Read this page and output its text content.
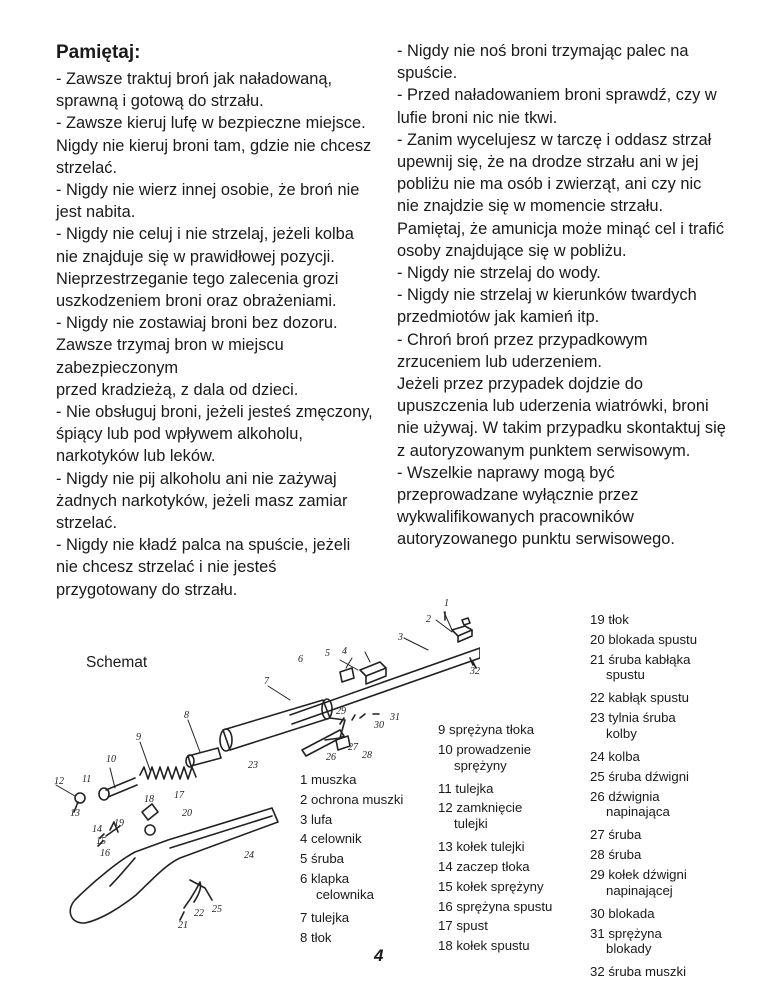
Pamiętaj:

- Zawsze traktuj broń jak naładowaną, sprawną i gotową do strzału.

- Zawsze kieruj lufę w bezpieczne miejsce. Nigdy nie kieruj broni tam, gdzie nie chcesz strzelać.

- Nigdy nie wierz innej osobie, że broń nie jest nabita.

- Nigdy nie celuj i nie strzelaj, jeżeli kolba nie znajduje się w prawidłowej pozycji. Nieprzestrzeganie tego zalecenia grozi uszkodzeniem broni oraz obrażeniami.

- Nigdy nie zostawiaj broni bez dozoru. Zawsze trzymaj bron w miejscu zabezpieczonym

przed kradzieżą, z dala od dzieci.

- Nie obsługuj broni, jeżeli jesteś zmęczony, śpiący lub pod wpływem alkoholu, narkotyków lub leków.

- Nigdy nie pij alkoholu ani nie zażywaj żadnych narkotyków, jeżeli masz zamiar strzelać.

- Nigdy nie kładź palca na spuście, jeżeli nie chcesz strzelać i nie jesteś przygotowany do strzału.

- Nigdy nie noś broni trzymając palec na spuście.

- Przed naładowaniem broni sprawdź, czy w lufie broni nic nie tkwi.

- Zanim wycelujesz w tarczę i oddasz strzał upewnij się, że na drodze strzału ani w jej pobliżu nie ma osób i zwierząt, ani czy nic nie znajdzie się w momencie strzału. Pamiętaj, że amunicja może minąć cel i trafić osoby znajdujące się w pobliżu.

- Nigdy nie strzelaj do wody.

- Nigdy nie strzelaj w kierunków twardych przedmiotów jak kamień itp.

- Chroń broń przez przypadkowym zrzuceniem lub uderzeniem.

Jeżeli przez przypadek dojdzie do upuszczenia lub uderzenia wiatrówki, broni nie używaj. W takim przypadku skontaktuj się z autoryzowanym punktem serwisowym.

- Wszelkie naprawy mogą być przeprowadzane wyłącznie przez wykwalifikowanych pracowników autoryzowanego punktu serwisowego.

Schemat
1
2
3
4
5
6
7
8
9
10
11
12
13
14
15
16
17
18
19
20
21
22
23
24
25
26
27
28
29
30
31
32
1 muszka
2 ochrona muszki
3 lufa
4 celownik
5 śruba
6 klapka
celownika
7 tulejka
8 tłok
9 sprężyna tłoka
10 prowadzenie
sprężyny
11 tulejka
12 zamknięcie
tulejki
13 kołek tulejki
14 zaczep tłoka
15 kołek sprężyny
16 sprężyna spustu
17 spust
18 kołek spustu
19 tłok
20 blokada spustu
21 śruba kabłąka
spustu
22 kabłąk spustu
23 tylnia śruba
kolby
24 kolba
25 śruba dźwigni
26 dźwignia
napinająca
27 śruba
28 śruba
29 kołek dźwigni
napinającej
30 blokada
31 sprężyna
blokady
32 śruba muszki
4
